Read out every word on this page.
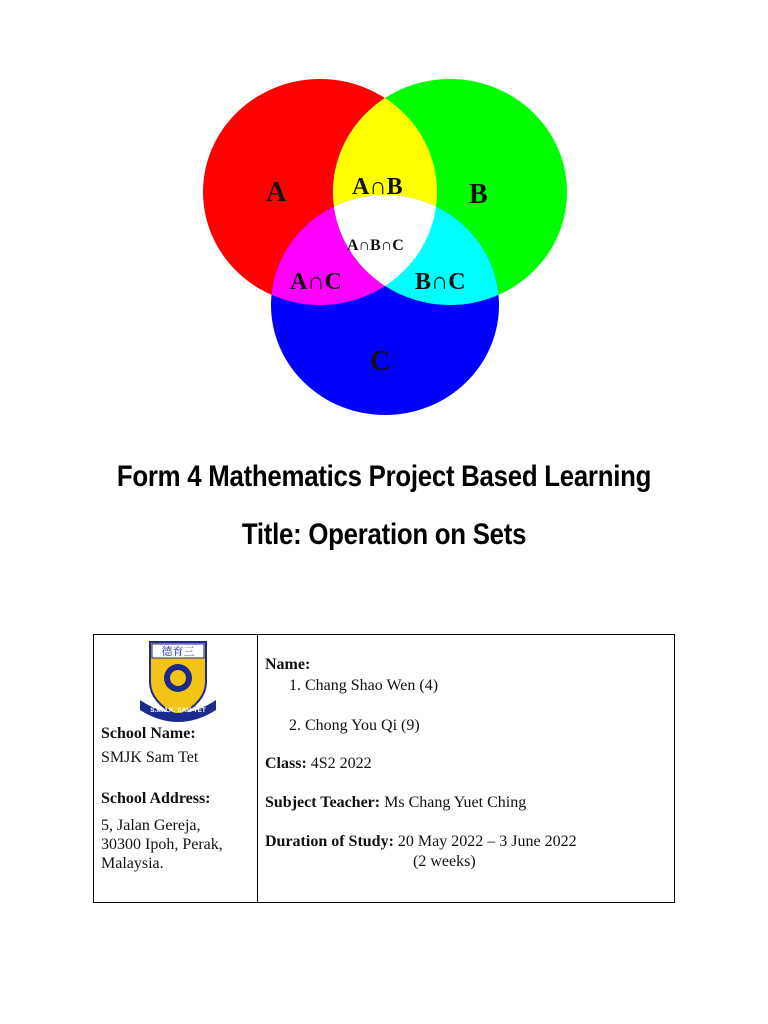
A	B
C
A∩B
A∩C	B∩C
A∩B∩C
Form 4 Mathematics Project Based Learning
Title: Operation on Sets
德育三
S.M.J.K. SAM TET
School Name:
SMJK Sam Tet
School Address:
5, Jalan Gereja,
30300 Ipoh, Perak,
Malaysia.
Name:
1. Chang Shao Wen (4)
2. Chong You Qi (9)
Class: 4S2 2022
Subject Teacher: Ms Chang Yuet Ching
Duration of Study: 20 May 2022 – 3 June 2022
(2 weeks)
